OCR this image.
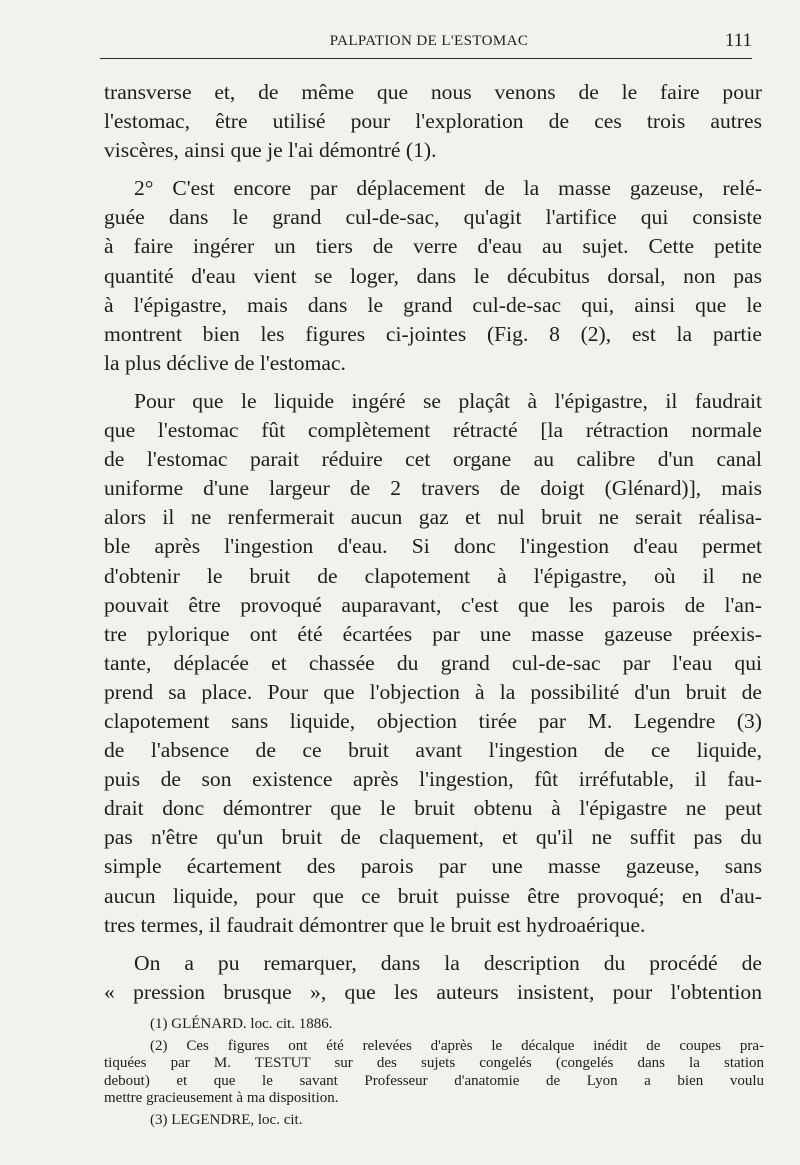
PALPATION DE L'ESTOMAC	111
transverse et, de même que nous venons de le faire pour
l'estomac, être utilisé pour l'exploration de ces trois autres
viscères, ainsi que je l'ai démontré (1).
2° C'est encore par déplacement de la masse gazeuse, relé-
guée dans le grand cul-de-sac, qu'agit l'artifice qui consiste
à faire ingérer un tiers de verre d'eau au sujet. Cette petite
quantité d'eau vient se loger, dans le décubitus dorsal, non pas
à l'épigastre, mais dans le grand cul-de-sac qui, ainsi que le
montrent bien les figures ci-jointes (Fig. 8 (2), est la partie
la plus déclive de l'estomac.
Pour que le liquide ingéré se plaçât à l'épigastre, il faudrait
que l'estomac fût complètement rétracté [la rétraction normale
de l'estomac parait réduire cet organe au calibre d'un canal
uniforme d'une largeur de 2 travers de doigt (Glénard)], mais
alors il ne renfermerait aucun gaz et nul bruit ne serait réalisa-
ble après l'ingestion d'eau. Si donc l'ingestion d'eau permet
d'obtenir le bruit de clapotement à l'épigastre, où il ne
pouvait être provoqué auparavant, c'est que les parois de l'an-
tre pylorique ont été écartées par une masse gazeuse préexis-
tante, déplacée et chassée du grand cul-de-sac par l'eau qui
prend sa place. Pour que l'objection à la possibilité d'un bruit de
clapotement sans liquide, objection tirée par M. Legendre (3)
de l'absence de ce bruit avant l'ingestion de ce liquide,
puis de son existence après l'ingestion, fût irréfutable, il fau-
drait donc démontrer que le bruit obtenu à l'épigastre ne peut
pas n'être qu'un bruit de claquement, et qu'il ne suffit pas du
simple écartement des parois par une masse gazeuse, sans
aucun liquide, pour que ce bruit puisse être provoqué; en d'au-
tres termes, il faudrait démontrer que le bruit est hydroaérique.
On a pu remarquer, dans la description du procédé de
« pression brusque », que les auteurs insistent, pour l'obtention
(1) GLÉNARD. loc. cit. 1886.
(2) Ces figures ont été relevées d'après le décalque inédit de coupes pra-
tiquées par M. TESTUT sur des sujets congelés (congelés dans la station
debout) et que le savant Professeur d'anatomie de Lyon a bien voulu
mettre gracieusement à ma disposition.
(3) LEGENDRE, loc. cit.
